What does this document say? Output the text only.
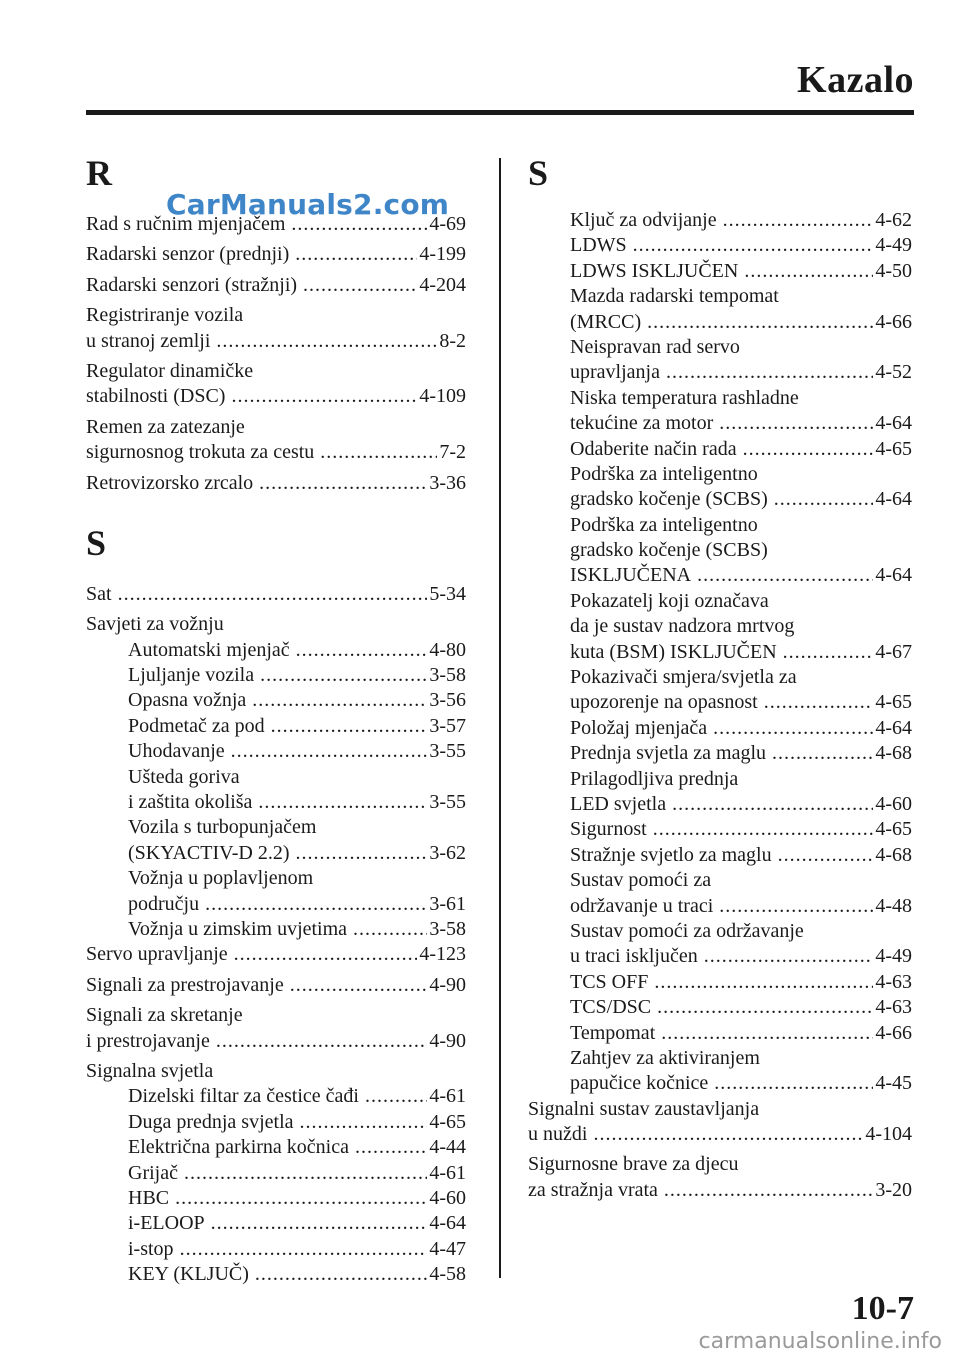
Kazalo
CarManuals2.com
R
Rad s ručnim mjenjačem .....	4-69
Radarski senzor (prednji) .....	4-199
Radarski senzori (stražnji) .....	4-204
Registriranje vozila
u stranoj zemlji .....	8-2
Regulator dinamičke
stabilnosti (DSC) .....	4-109
Remen za zatezanje
sigurnosnog trokuta za cestu .....	7-2
Retrovizorsko zrcalo .....	3-36
S
Sat .....	5-34
Savjeti za vožnju
Automatski mjenjač .....	4-80
Ljuljanje vozila .....	3-58
Opasna vožnja .....	3-56
Podmetač za pod .....	3-57
Uhodavanje .....	3-55
Ušteda goriva
i zaštita okoliša .....	3-55
Vozila s turbopunjačem
(SKYACTIV-D 2.2) .....	3-62
Vožnja u poplavljenom
području .....	3-61
Vožnja u zimskim uvjetima .....	3-58
Servo upravljanje .....	4-123
Signali za prestrojavanje .....	4-90
Signali za skretanje
i prestrojavanje .....	4-90
Signalna svjetla
Dizelski filtar za čestice čađi .....	4-61
Duga prednja svjetla .....	4-65
Električna parkirna kočnica .....	4-44
Grijač .....	4-61
HBC .....	4-60
i-ELOOP .....	4-64
i-stop .....	4-47
KEY (KLJUČ) .....	4-58
S
Ključ za odvijanje .....	4-62
LDWS .....	4-49
LDWS ISKLJUČEN .....	4-50
Mazda radarski tempomat
(MRCC) .....	4-66
Neispravan rad servo
upravljanja .....	4-52
Niska temperatura rashladne
tekućine za motor .....	4-64
Odaberite način rada .....	4-65
Podrška za inteligentno
gradsko kočenje (SCBS) .....	4-64
Podrška za inteligentno
gradsko kočenje (SCBS)
ISKLJUČENA .....	4-64
Pokazatelj koji označava
da je sustav nadzora mrtvog
kuta (BSM) ISKLJUČEN .....	4-67
Pokazivači smjera/svjetla za
upozorenje na opasnost .....	4-65
Položaj mjenjača .....	4-64
Prednja svjetla za maglu .....	4-68
Prilagodljiva prednja
LED svjetla .....	4-60
Sigurnost .....	4-65
Stražnje svjetlo za maglu .....	4-68
Sustav pomoći za
održavanje u traci .....	4-48
Sustav pomoći za održavanje
u traci isključen .....	4-49
TCS OFF .....	4-63
TCS/DSC .....	4-63
Tempomat .....	4-66
Zahtjev za aktiviranjem
papučice kočnice .....	4-45
Signalni sustav zaustavljanja
u nuždi .....	4-104
Sigurnosne brave za djecu
za stražnja vrata .....	3-20
10-7
carmanualsonline.info
